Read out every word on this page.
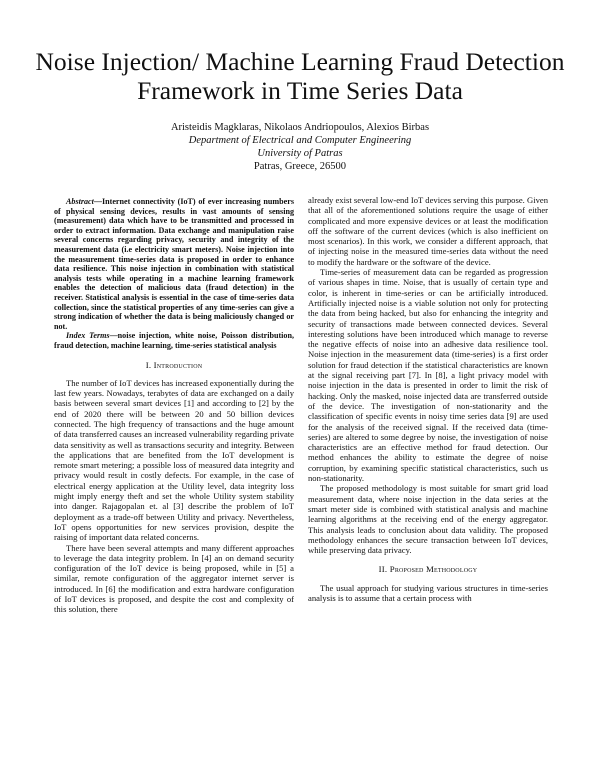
Noise Injection/ Machine Learning Fraud Detection
Framework in Time Series Data
Aristeidis Magklaras, Nikolaos Andriopoulos, Alexios Birbas
Department of Electrical and Computer Engineering
University of Patras
Patras, Greece, 26500

Abstract—Internet connectivity (IoT) of ever increasing numbers of physical sensing devices, results in vast amounts of sensing (measurement) data which have to be transmitted and processed in order to extract information. Data exchange and manipulation raise several concerns regarding privacy, security and integrity of the measurement data (i.e electricity smart meters). Noise injection into the measurement time-series data is proposed in order to enhance data resilience. This noise injection in combination with statistical analysis tests while operating in a machine learning framework enables the detection of malicious data (fraud detection) in the receiver. Statistical analysis is essential in the case of time-series data collection, since the statistical properties of any time-series can give a strong indication of whether the data is being maliciously changed or not.

Index Terms—noise injection, white noise, Poisson distribution, fraud detection, machine learning, time-series statistical analysis

I. Introduction

The number of IoT devices has increased exponentially during the last few years. Nowadays, terabytes of data are exchanged on a daily basis between several smart devices [1] and according to [2] by the end of 2020 there will be between 20 and 50 billion devices connected. The high frequency of transactions and the huge amount of data transferred causes an increased vulnerability regarding private data sensitivity as well as transactions security and integrity. Between the applications that are benefited from the IoT development is remote smart metering; a possible loss of measured data integrity and privacy would result in costly defects. For example, in the case of electrical energy application at the Utility level, data integrity loss might imply energy theft and set the whole Utility system stability into danger. Rajagopalan et. al [3] describe the problem of IoT deployment as a trade-off between Utility and privacy. Nevertheless, IoT opens opportunities for new services provision, despite the raising of important data related concerns.

There have been several attempts and many different approaches to leverage the data integrity problem. In [4] an on demand security configuration of the IoT device is being proposed, while in [5] a similar, remote configuration of the aggregator internet server is introduced. In [6] the modification and extra hardware configuration of IoT devices is proposed, and despite the cost and complexity of this solution, there

already exist several low-end IoT devices serving this purpose. Given that all of the aforementioned solutions require the usage of either complicated and more expensive devices or at least the modification off the software of the current devices (which is also inefficient on most scenarios). In this work, we consider a different approach, that of injecting noise in the measured time-series data without the need to modify the hardware or the software of the device.

Time-series of measurement data can be regarded as progression of various shapes in time. Noise, that is usually of certain type and color, is inherent in time-series or can be artificially introduced. Artificially injected noise is a viable solution not only for protecting the data from being hacked, but also for enhancing the integrity and security of transactions made between connected devices. Several interesting solutions have been introduced which manage to reverse the negative effects of noise into an adhesive data resilience tool. Noise injection in the measurement data (time-series) is a first order solution for fraud detection if the statistical characteristics are known at the signal receiving part [7]. In [8], a light privacy model with noise injection in the data is presented in order to limit the risk of hacking. Only the masked, noise injected data are transferred outside of the device. The investigation of non-stationarity and the classification of specific events in noisy time series data [9] are used for the analysis of the received signal. If the received data (time-series) are altered to some degree by noise, the investigation of noise characteristics are an effective method for fraud detection. Our method enhances the ability to estimate the degree of noise corruption, by examining specific statistical characteristics, such us non-stationarity.

The proposed methodology is most suitable for smart grid load measurement data, where noise injection in the data series at the smart meter side is combined with statistical analysis and machine learning algorithms at the receiving end of the energy aggregator. This analysis leads to conclusion about data validity. The proposed methodology enhances the secure transaction between IoT devices, while preserving data privacy.

II. Proposed Methodology

The usual approach for studying various structures in time-series analysis is to assume that a certain process with
